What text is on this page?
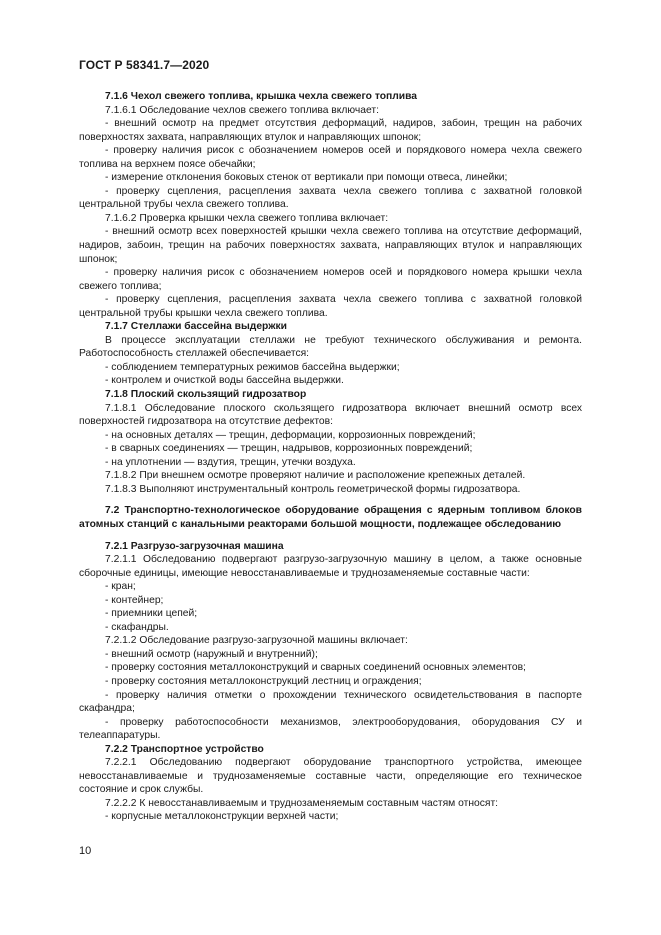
ГОСТ Р 58341.7—2020

7.1.6 Чехол свежего топлива, крышка чехла свежего топлива

7.1.6.1 Обследование чехлов свежего топлива включает:

- внешний осмотр на предмет отсутствия деформаций, надиров, забоин, трещин на рабочих поверхностях захвата, направляющих втулок и направляющих шпонок;

- проверку наличия рисок с обозначением номеров осей и порядкового номера чехла свежего топлива на верхнем поясе обечайки;

- измерение отклонения боковых стенок от вертикали при помощи отвеса, линейки;

- проверку сцепления, расцепления захвата чехла свежего топлива с захватной головкой центральной трубы чехла свежего топлива.

7.1.6.2 Проверка крышки чехла свежего топлива включает:

- внешний осмотр всех поверхностей крышки чехла свежего топлива на отсутствие деформаций, надиров, забоин, трещин на рабочих поверхностях захвата, направляющих втулок и направляющих шпонок;

- проверку наличия рисок с обозначением номеров осей и порядкового номера крышки чехла свежего топлива;

- проверку сцепления, расцепления захвата чехла свежего топлива с захватной головкой центральной трубы крышки чехла свежего топлива.

7.1.7 Стеллажи бассейна выдержки

В процессе эксплуатации стеллажи не требуют технического обслуживания и ремонта. Работоспособность стеллажей обеспечивается:

- соблюдением температурных режимов бассейна выдержки;

- контролем и очисткой воды бассейна выдержки.

7.1.8 Плоский скользящий гидрозатвор

7.1.8.1 Обследование плоского скользящего гидрозатвора включает внешний осмотр всех поверхностей гидрозатвора на отсутствие дефектов:

- на основных деталях — трещин, деформации, коррозионных повреждений;

- в сварных соединениях — трещин, надрывов, коррозионных повреждений;

- на уплотнении — вздутия, трещин, утечки воздуха.

7.1.8.2 При внешнем осмотре проверяют наличие и расположение крепежных деталей.

7.1.8.3 Выполняют инструментальный контроль геометрической формы гидрозатвора.

7.2 Транспортно-технологическое оборудование обращения с ядерным топливом блоков атомных станций с канальными реакторами большой мощности, подлежащее обследованию

7.2.1 Разгрузо-загрузочная машина

7.2.1.1 Обследованию подвергают разгрузо-загрузочную машину в целом, а также основные сборочные единицы, имеющие невосстанавливаемые и труднозаменяемые составные части:

- кран;

- контейнер;

- приемники цепей;

- скафандры.

7.2.1.2 Обследование разгрузо-загрузочной машины включает:

- внешний осмотр (наружный и внутренний);

- проверку состояния металлоконструкций и сварных соединений основных элементов;

- проверку состояния металлоконструкций лестниц и ограждения;

- проверку наличия отметки о прохождении технического освидетельствования в паспорте скафандра;

- проверку работоспособности механизмов, электрооборудования, оборудования СУ и телеаппаратуры.

7.2.2 Транспортное устройство

7.2.2.1 Обследованию подвергают оборудование транспортного устройства, имеющее невосстанавливаемые и труднозаменяемые составные части, определяющие его техническое состояние и срок службы.

7.2.2.2 К невосстанавливаемым и труднозаменяемым составным частям относят:

- корпусные металлоконструкции верхней части;

10
